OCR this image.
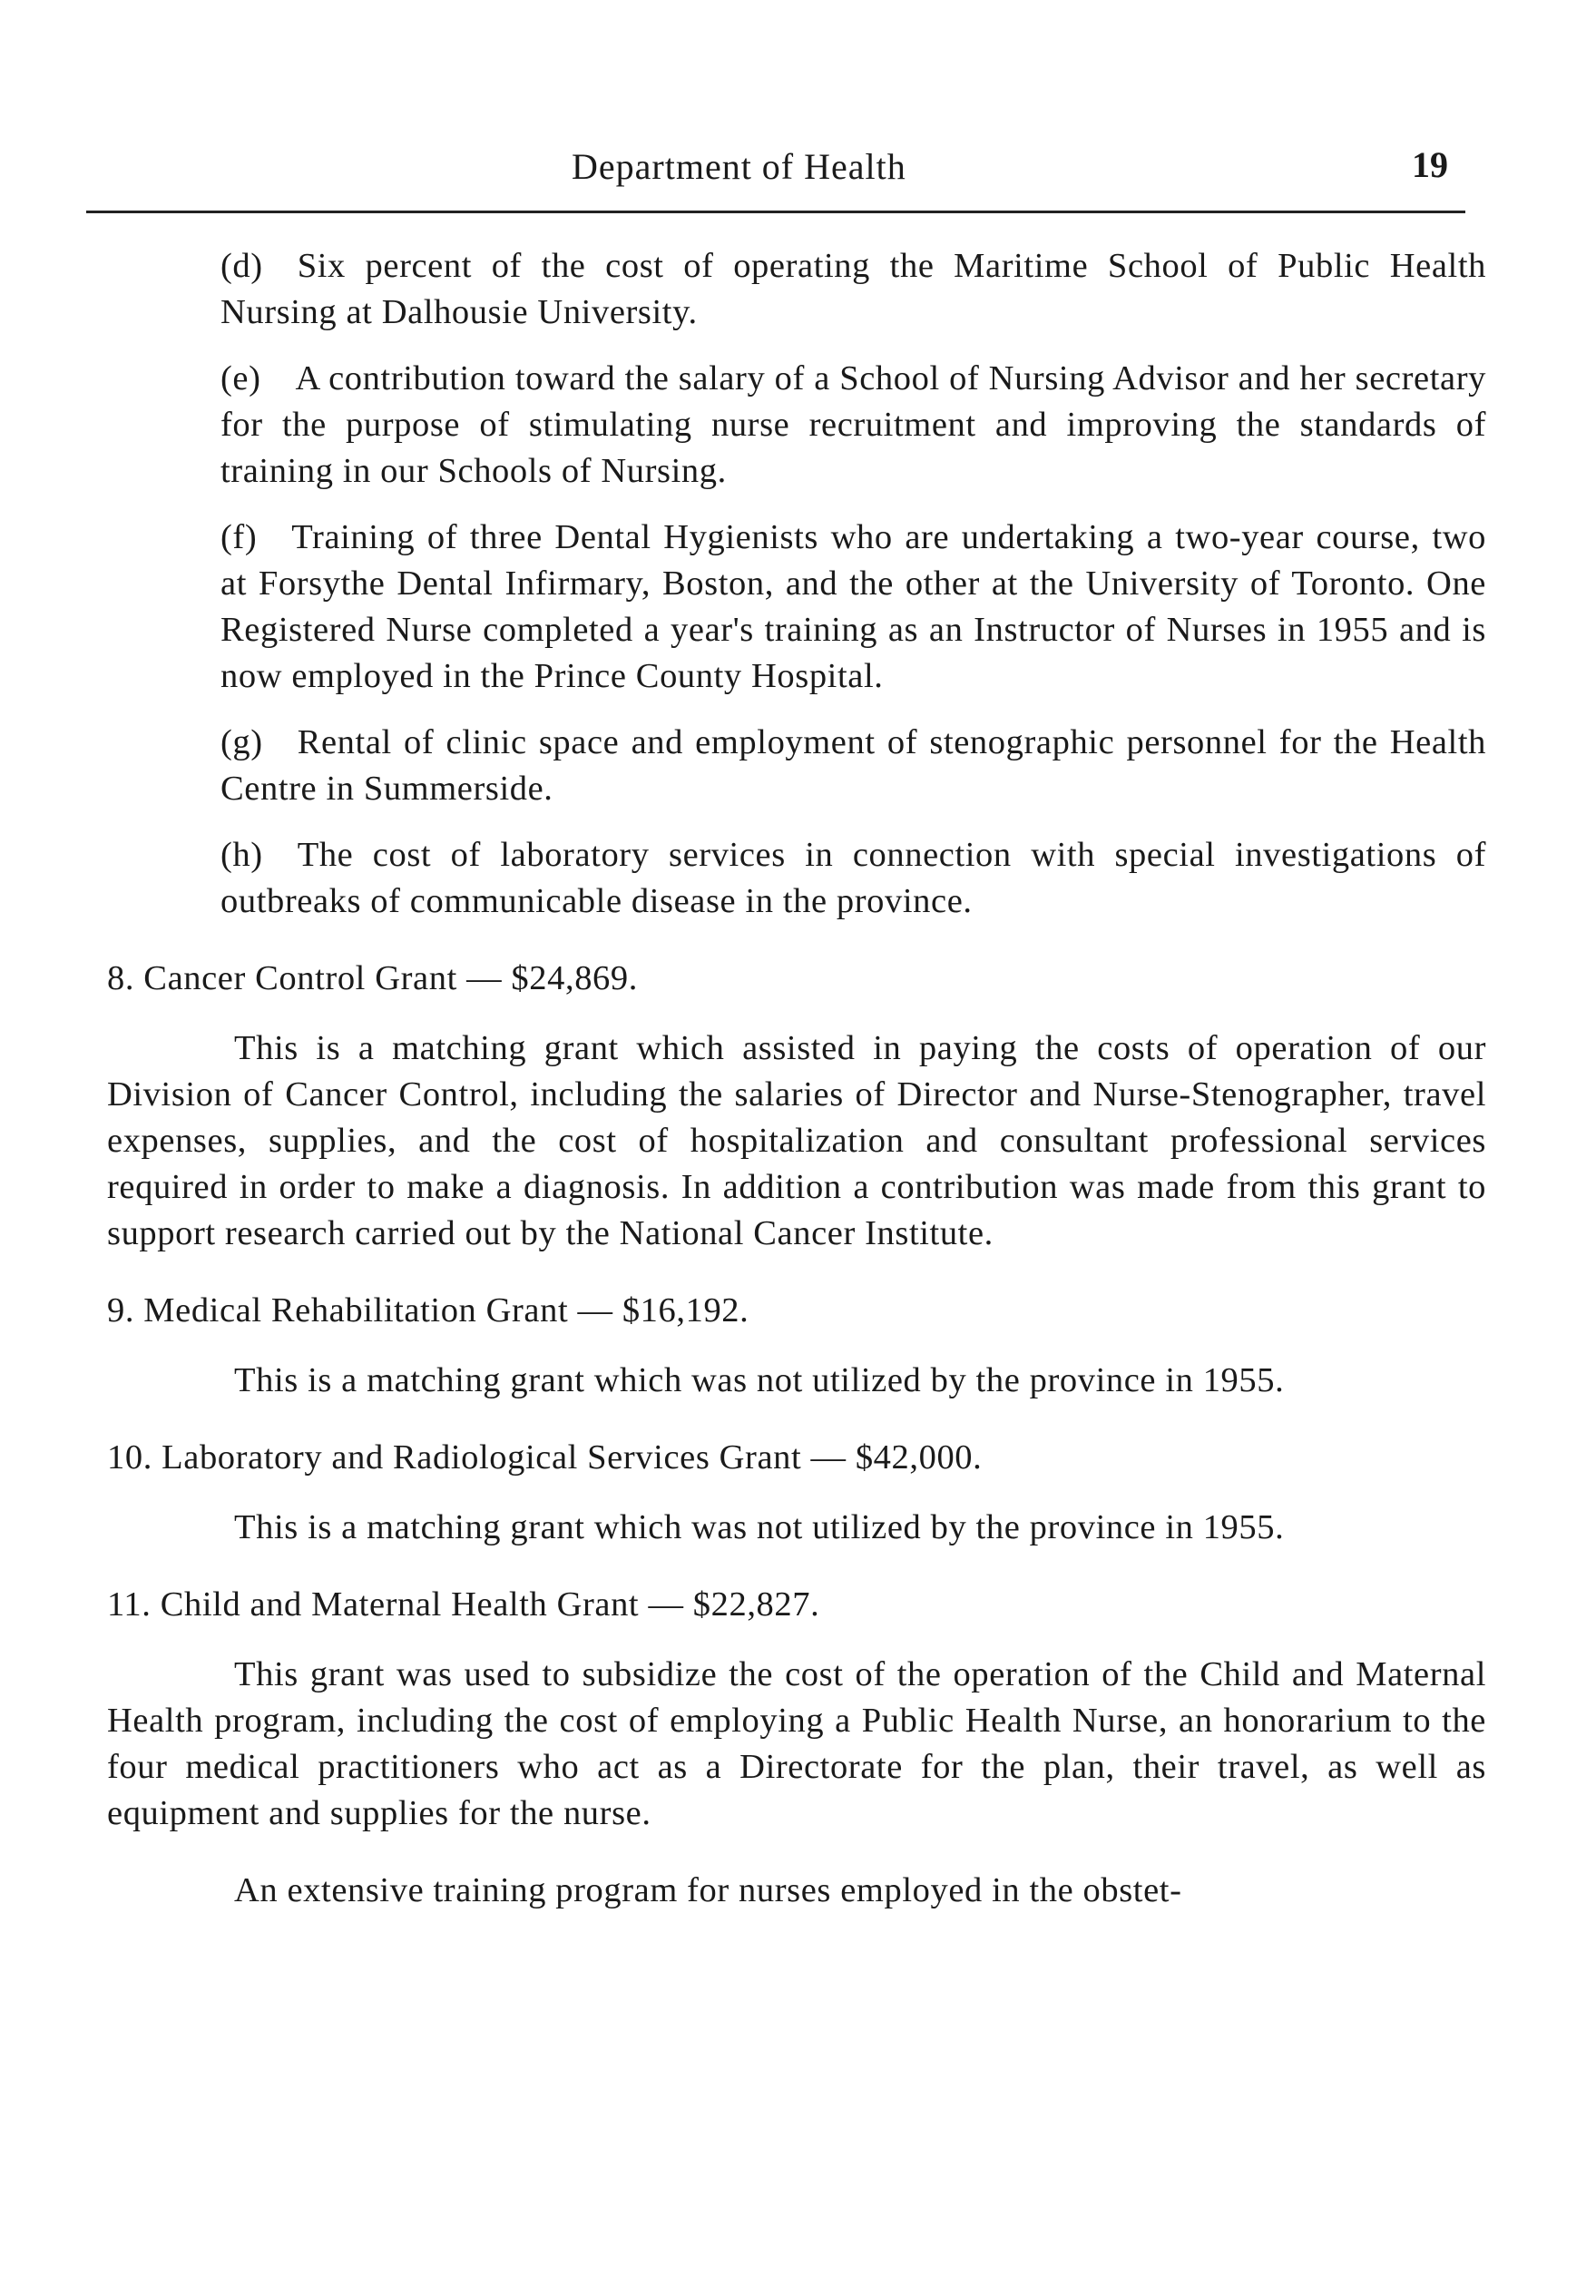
Department of Health	19
(d) Six percent of the cost of operating the Maritime School of Public Health Nursing at Dalhousie University.
(e) A contribution toward the salary of a School of Nursing Advisor and her secretary for the purpose of stimulating nurse recruitment and improving the standards of training in our Schools of Nursing.
(f) Training of three Dental Hygienists who are undertaking a two-year course, two at Forsythe Dental Infirmary, Boston, and the other at the University of Toronto. One Registered Nurse completed a year's training as an Instructor of Nurses in 1955 and is now employed in the Prince County Hospital.
(g) Rental of clinic space and employment of stenographic personnel for the Health Centre in Summerside.
(h) The cost of laboratory services in connection with special investigations of outbreaks of communicable disease in the province.
8. Cancer Control Grant — $24,869.
This is a matching grant which assisted in paying the costs of operation of our Division of Cancer Control, including the salaries of Director and Nurse-Stenographer, travel expenses, supplies, and the cost of hospitalization and consultant professional services required in order to make a diagnosis. In addition a contribution was made from this grant to support research carried out by the National Cancer Institute.
9. Medical Rehabilitation Grant — $16,192.
This is a matching grant which was not utilized by the province in 1955.
10. Laboratory and Radiological Services Grant — $42,000.
This is a matching grant which was not utilized by the province in 1955.
11. Child and Maternal Health Grant — $22,827.
This grant was used to subsidize the cost of the operation of the Child and Maternal Health program, including the cost of employing a Public Health Nurse, an honorarium to the four medical practitioners who act as a Directorate for the plan, their travel, as well as equipment and supplies for the nurse.
An extensive training program for nurses employed in the obstet-
